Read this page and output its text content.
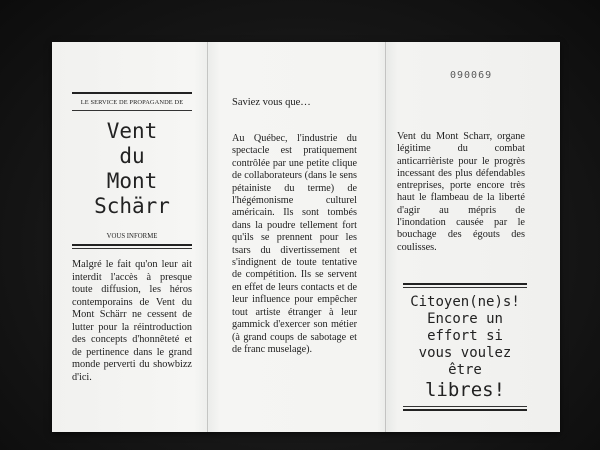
090069
LE SERVICE DE PROPAGANDE DE
Vent
du
Mont
Schärr
VOUS INFORME
Malgré le fait qu'on leur ait interdit l'accès à presque toute diffusion, les héros contemporains de Vent du Mont Schärr ne cessent de lutter pour la réintroduction des concepts d'honnêteté et de pertinence dans le grand monde perverti du showbizz d'ici.
Saviez vous que…
Au Québec, l'industrie du spectacle est pratiquement contrôlée par une petite clique de collaborateurs (dans le sens pétainiste du terme) de l'hégémonisme culturel américain. Ils sont tombés dans la poudre tellement fort qu'ils se prennent pour les tsars du divertissement et s'indignent de toute tentative de compétition. Ils se servent en effet de leurs contacts et de leur influence pour empêcher tout artiste étranger à leur gammick d'exercer son métier (à grand coups de sabotage et de franc muselage).
Vent du Mont Scharr, organe légitime du combat anticarrièriste pour le progrès incessant des plus défendables entreprises, porte encore très haut le flambeau de la liberté d'agir au mépris de l'inondation causée par le bouchage des égouts des coulisses.
Citoyen(ne)s!
Encore un
effort si
vous voulez
être
libres!
